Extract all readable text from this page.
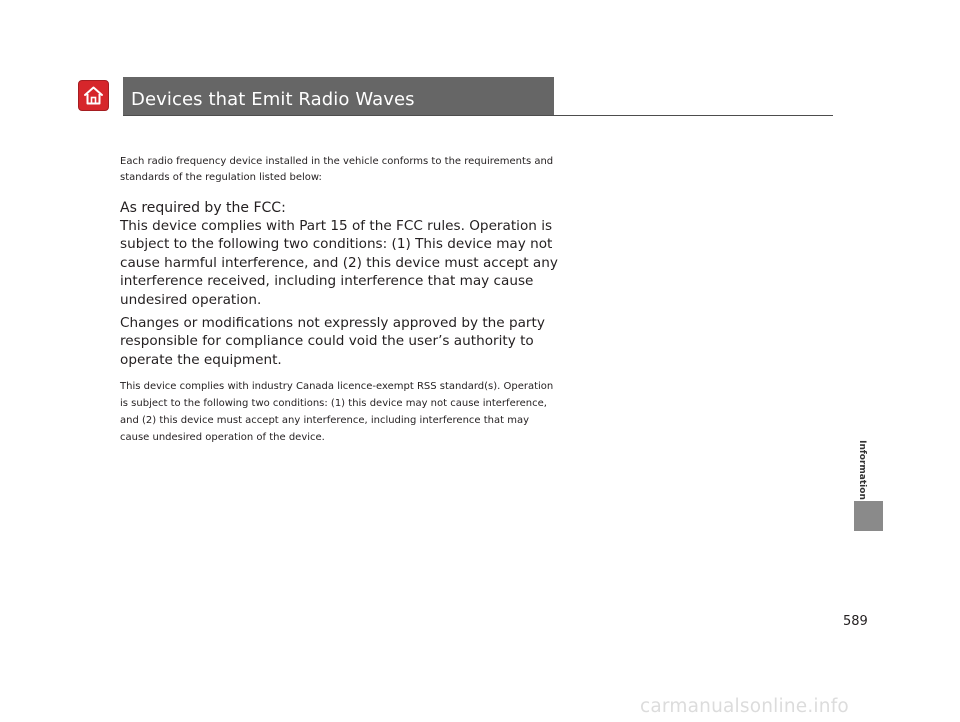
Devices that Emit Radio Waves

Each radio frequency device installed in the vehicle conforms to the requirements and standards of the regulation listed below:

As required by the FCC:

This device complies with Part 15 of the FCC rules. Operation is subject to the following two conditions: (1) This device may not cause harmful interference, and (2) this device must accept any interference received, including interference that may cause undesired operation.

Changes or modifications not expressly approved by the party responsible for compliance could void the user’s authority to operate the equipment.

This device complies with industry Canada licence-exempt RSS standard(s). Operation is subject to the following two conditions: (1) this device may not cause interference, and (2) this device must accept any interference, including interference that may cause undesired operation of the device.

Information
589
carmanualsonline.info
